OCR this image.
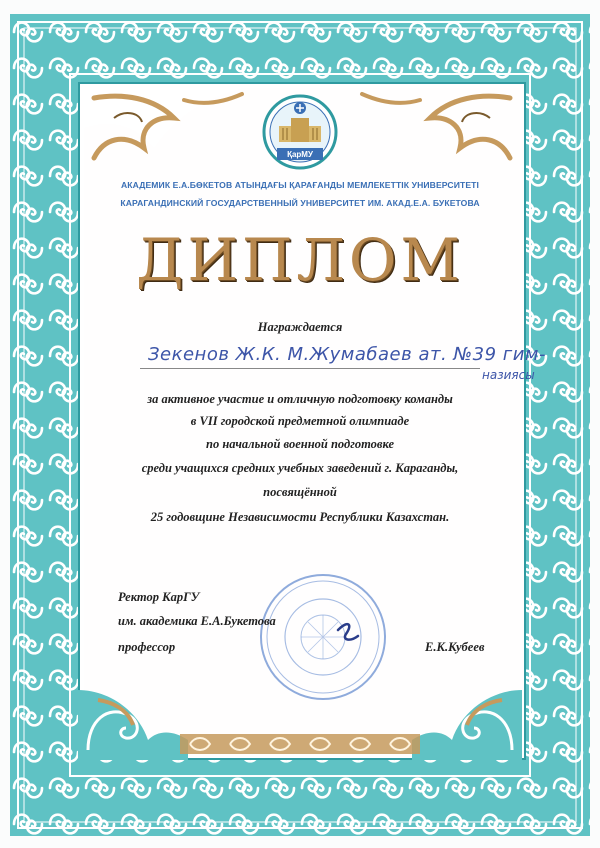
ҚарМУ
АКАДЕМИК Е.А.БӨКЕТОВ АТЫНДАҒЫ ҚАРАҒАНДЫ МЕМЛЕКЕТТІК УНИВЕРСИТЕТІ
КАРАГАНДИНСКИЙ ГОСУДАРСТВЕННЫЙ УНИВЕРСИТЕТ ИМ. АКАД.Е.А. БУКЕТОВА
ДИПЛОМ
Награждается
Зекенов Ж.К. М.Жумабаев ат. №39 гим-
назиясы
за активное участие и отличную подготовку команды
в VII городской предметной олимпиаде
по начальной военной подготовке
среди учащихся средних учебных заведений г. Караганды,
посвящённой
25 годовщине Независимости Республики Казахстан.
Ректор КарГУ
им. академика Е.А.Букетова
профессор	Е.К.Кубеев
